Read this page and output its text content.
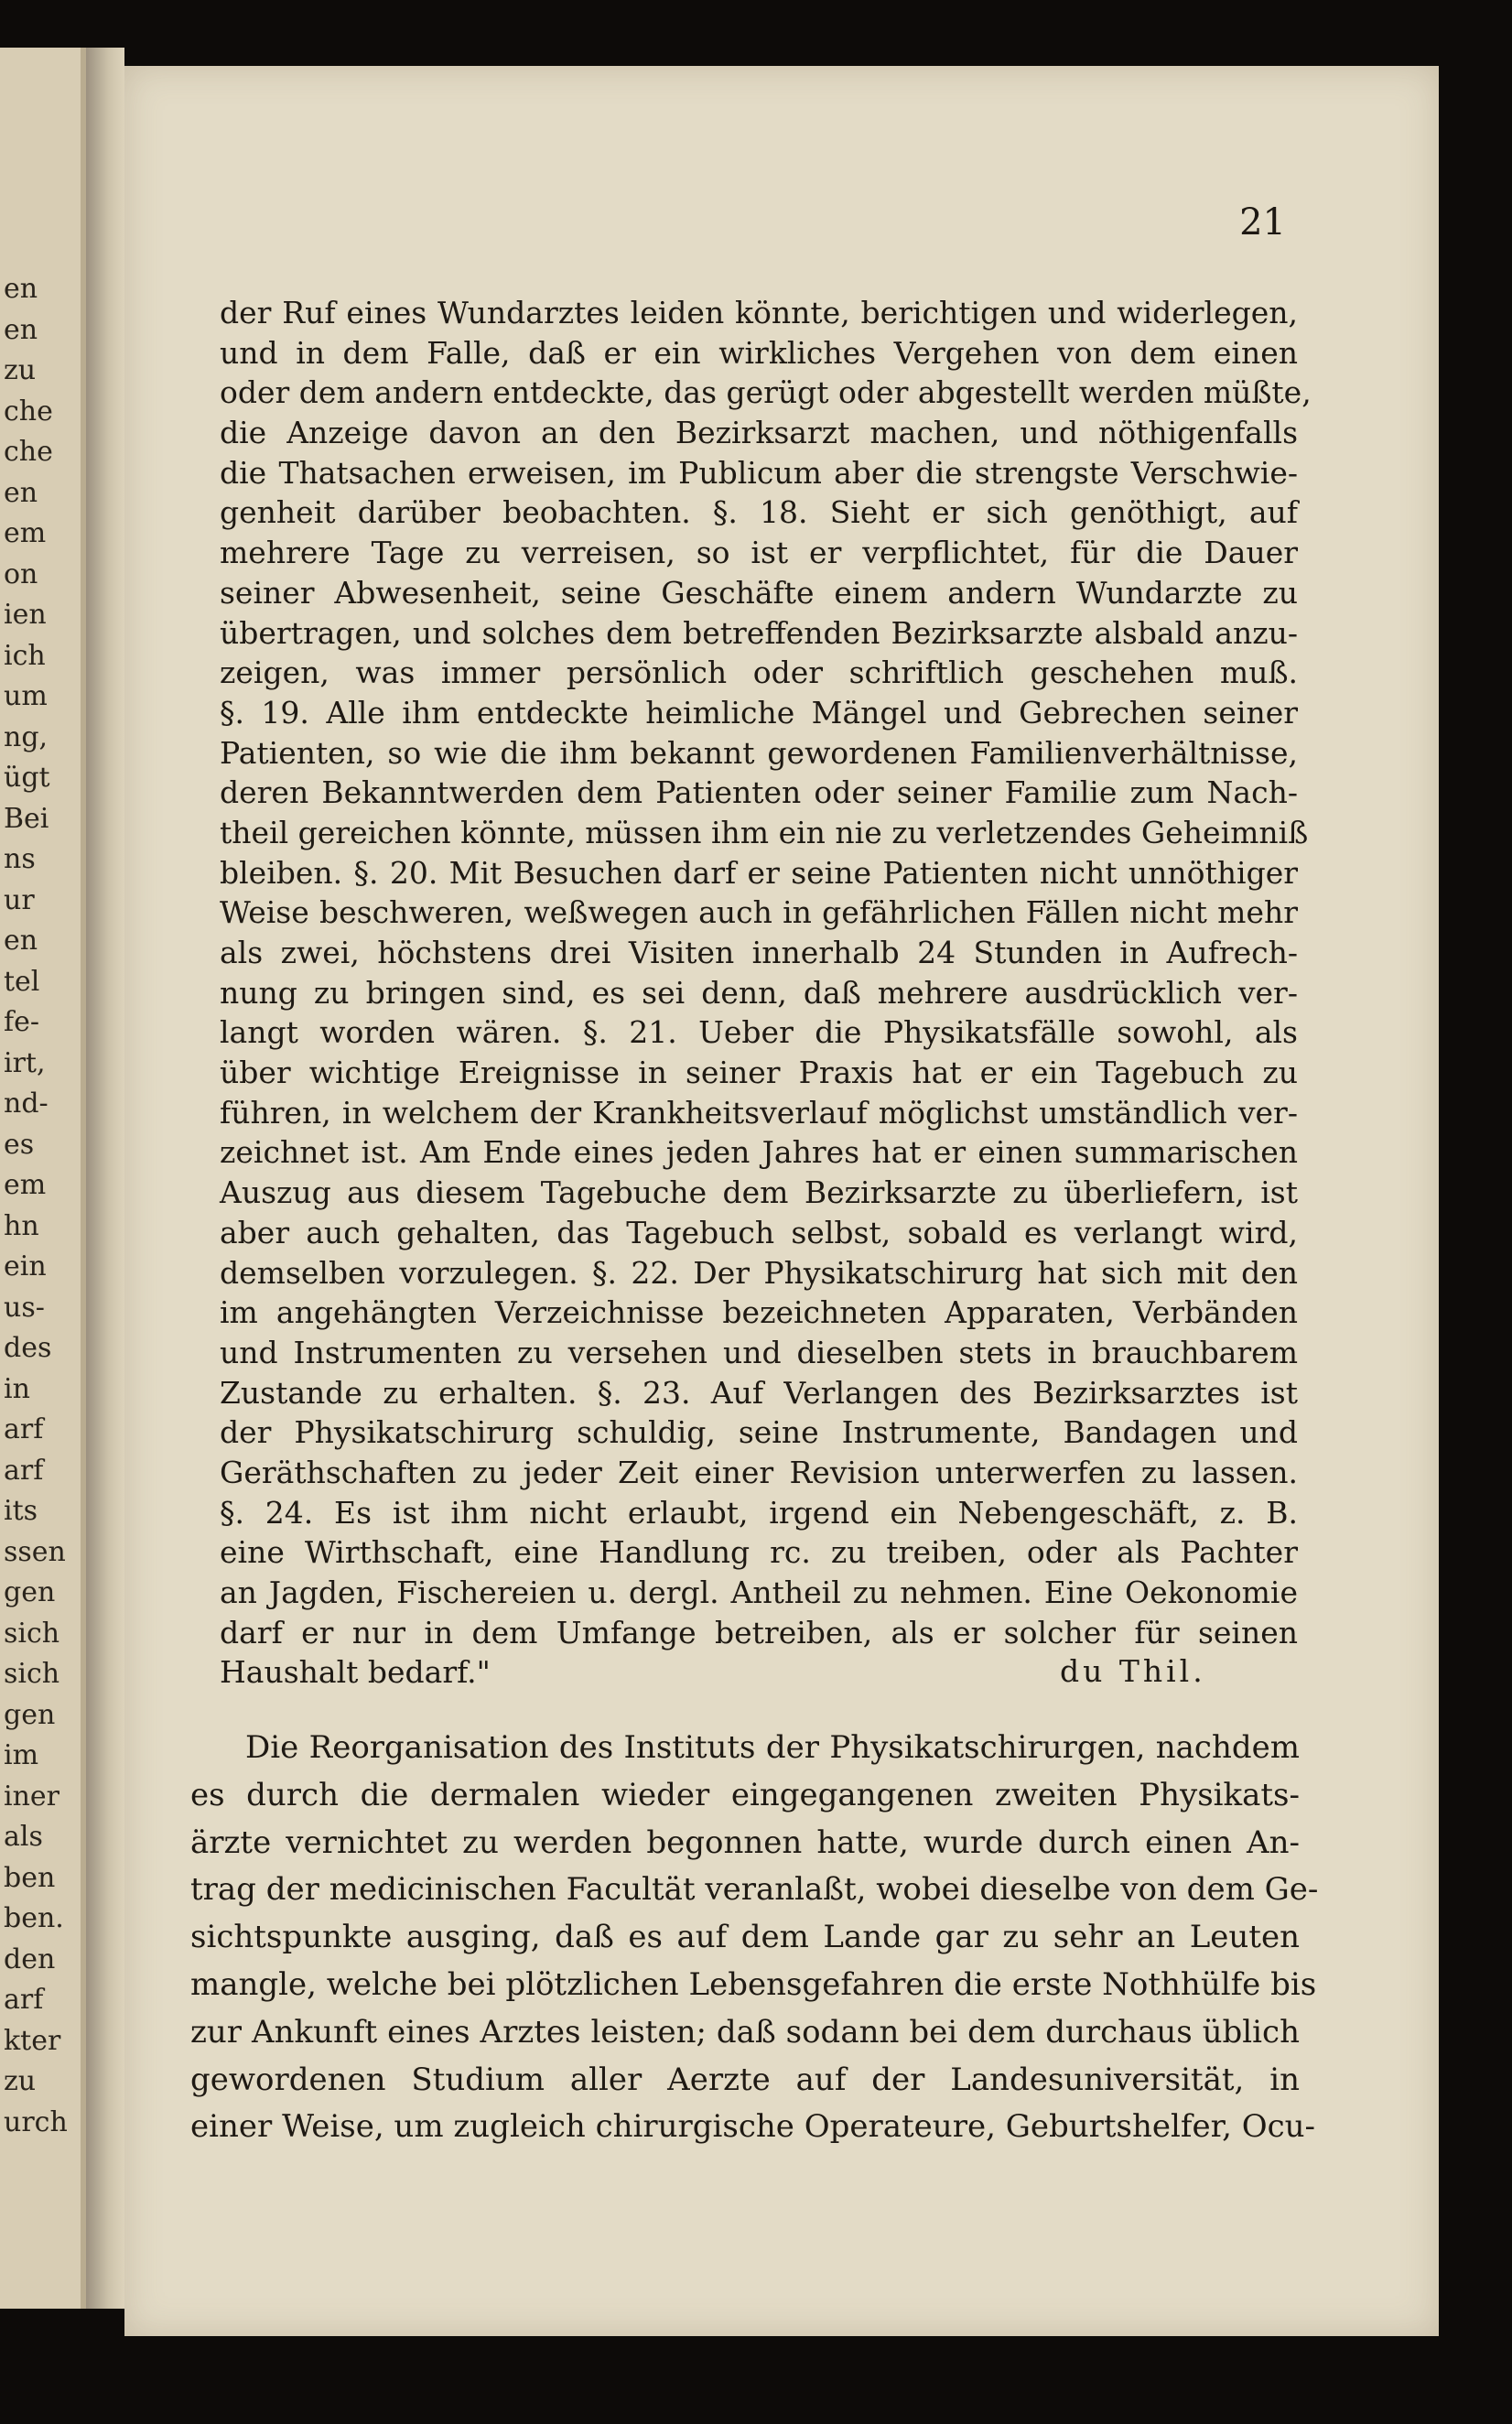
en
en
zu
che
che
en
em
on
ien
ich
um
ng,
ügt
Bei
ns
ur
en
tel
fe-
irt,
nd-
es
em
hn
ein
us-
des
in
arf
arf
its
ssen
gen
sich
sich
gen
im
iner
als
ben
ben.
den
arf
kter
zu
urch
21
der Ruf eines Wundarztes leiden könnte, berichtigen und widerlegen,
und in dem Falle, daß er ein wirkliches Vergehen von dem einen
oder dem andern entdeckte, das gerügt oder abgestellt werden müßte,
die Anzeige davon an den Bezirksarzt machen, und nöthigenfalls
die Thatsachen erweisen, im Publicum aber die strengste Verschwie-
genheit darüber beobachten. §. 18. Sieht er sich genöthigt, auf
mehrere Tage zu verreisen, so ist er verpflichtet, für die Dauer
seiner Abwesenheit, seine Geschäfte einem andern Wundarzte zu
übertragen, und solches dem betreffenden Bezirksarzte alsbald anzu-
zeigen, was immer persönlich oder schriftlich geschehen muß.
§. 19. Alle ihm entdeckte heimliche Mängel und Gebrechen seiner
Patienten, so wie die ihm bekannt gewordenen Familienverhältnisse,
deren Bekanntwerden dem Patienten oder seiner Familie zum Nach-
theil gereichen könnte, müssen ihm ein nie zu verletzendes Geheimniß
bleiben. §. 20. Mit Besuchen darf er seine Patienten nicht unnöthiger
Weise beschweren, weßwegen auch in gefährlichen Fällen nicht mehr
als zwei, höchstens drei Visiten innerhalb 24 Stunden in Aufrech-
nung zu bringen sind, es sei denn, daß mehrere ausdrücklich ver-
langt worden wären. §. 21. Ueber die Physikatsfälle sowohl, als
über wichtige Ereignisse in seiner Praxis hat er ein Tagebuch zu
führen, in welchem der Krankheitsverlauf möglichst umständlich ver-
zeichnet ist. Am Ende eines jeden Jahres hat er einen summarischen
Auszug aus diesem Tagebuche dem Bezirksarzte zu überliefern, ist
aber auch gehalten, das Tagebuch selbst, sobald es verlangt wird,
demselben vorzulegen. §. 22. Der Physikatschirurg hat sich mit den
im angehängten Verzeichnisse bezeichneten Apparaten, Verbänden
und Instrumenten zu versehen und dieselben stets in brauchbarem
Zustande zu erhalten. §. 23. Auf Verlangen des Bezirksarztes ist
der Physikatschirurg schuldig, seine Instrumente, Bandagen und
Geräthschaften zu jeder Zeit einer Revision unterwerfen zu lassen.
§. 24. Es ist ihm nicht erlaubt, irgend ein Nebengeschäft, z. B.
eine Wirthschaft, eine Handlung rc. zu treiben, oder als Pachter
an Jagden, Fischereien u. dergl. Antheil zu nehmen. Eine Oekonomie
darf er nur in dem Umfange betreiben, als er solcher für seinen
Haushalt bedarf."	du Thil.
Die Reorganisation des Instituts der Physikatschirurgen, nachdem
es durch die dermalen wieder eingegangenen zweiten Physikats-
ärzte vernichtet zu werden begonnen hatte, wurde durch einen An-
trag der medicinischen Facultät veranlaßt, wobei dieselbe von dem Ge-
sichtspunkte ausging, daß es auf dem Lande gar zu sehr an Leuten
mangle, welche bei plötzlichen Lebensgefahren die erste Nothhülfe bis
zur Ankunft eines Arztes leisten; daß sodann bei dem durchaus üblich
gewordenen Studium aller Aerzte auf der Landesuniversität, in
einer Weise, um zugleich chirurgische Operateure, Geburtshelfer, Ocu-
